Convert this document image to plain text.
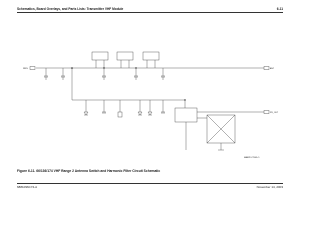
Schematics, Board Overlays, and Parts Lists: Transmitter VHF Module	6-11
RFIN	ANT
RX_OUT
MAEPF-27945-O
Figure 6-11. 66/136/174 VHF Range 2 Antenna Switch and Harmonic Filter Circuit Schematic
6881096C74-A	November 14, 2003
